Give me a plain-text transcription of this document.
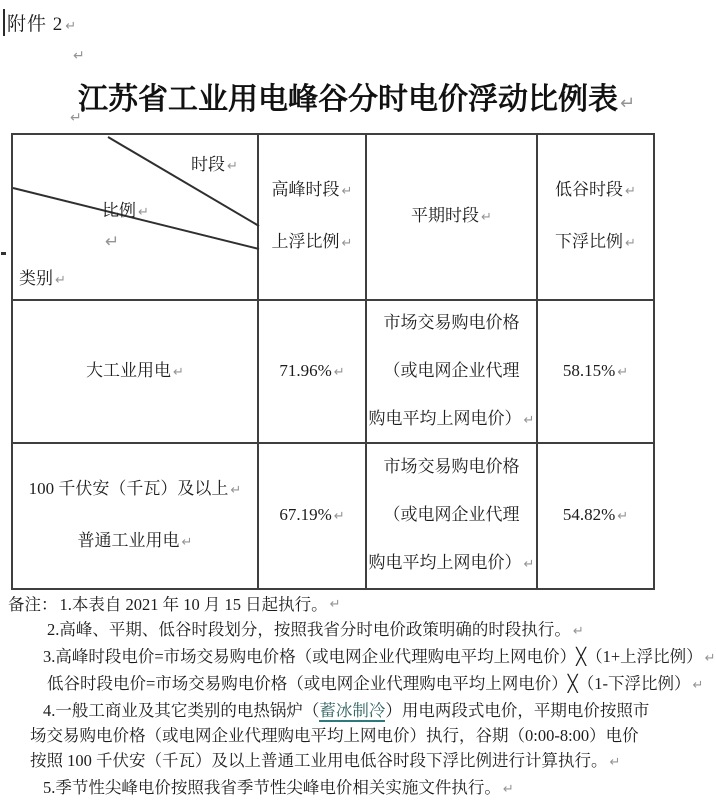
附件 2 ↵
↵
江苏省工业用电峰谷分时电价浮动比例表 ↵
↵
时段 ↵
比例 ↵
↵
类别 ↵
高峰时段 ↵
上浮比例 ↵
平期时段 ↵
低谷时段 ↵
下浮比例 ↵
大工业用电 ↵	71.96% ↵
市场交易购电价格
（或电网企业代理
购电平均上网电价） ↵
58.15% ↵
100 千伏安（千瓦）及以上 ↵
普通工业用电 ↵
67.19% ↵
市场交易购电价格
（或电网企业代理
购电平均上网电价） ↵
54.82% ↵
备注： 1.本表自 2021 年 10 月 15 日起执行。 ↵
2.高峰、平期、低谷时段划分，按照我省分时电价政策明确的时段执行。 ↵
3.高峰时段电价=市场交易购电价格（或电网企业代理购电平均上网电价）╳（1+上浮比例） ↵
低谷时段电价=市场交易购电价格（或电网企业代理购电平均上网电价）╳（1-下浮比例） ↵
4.一般工商业及其它类别的电热锅炉（蓄冰制冷）用电两段式电价，平期电价按照市
场交易购电价格（或电网企业代理购电平均上网电价）执行，谷期（0:00-8:00）电价
按照 100 千伏安（千瓦）及以上普通工业用电低谷时段下浮比例进行计算执行。 ↵
5.季节性尖峰电价按照我省季节性尖峰电价相关实施文件执行。 ↵
